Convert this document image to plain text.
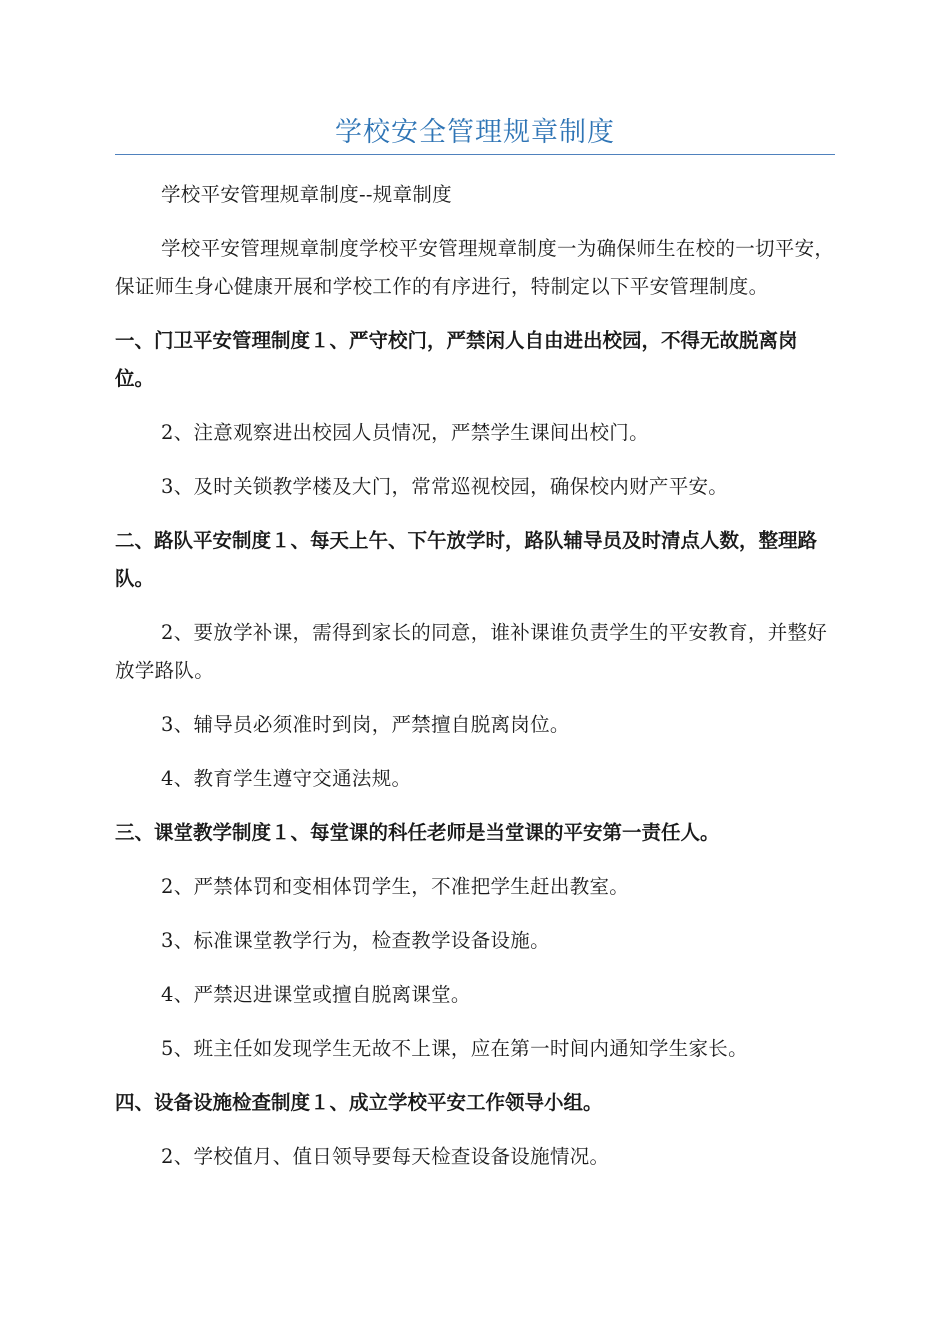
学校安全管理规章制度

学校平安管理规章制度--规章制度

学校平安管理规章制度学校平安管理规章制度一为确保师生在校的一切平安，保证师生身心健康开展和学校工作的有序进行，特制定以下平安管理制度。

一、门卫平安管理制度１、严守校门，严禁闲人自由进出校园，不得无故脱离岗位。

2、注意观察进出校园人员情况，严禁学生课间出校门。

3、及时关锁教学楼及大门，常常巡视校园，确保校内财产平安。

二、路队平安制度１、每天上午、下午放学时，路队辅导员及时清点人数，整理路队。

2、要放学补课，需得到家长的同意，谁补课谁负责学生的平安教育，并整好放学路队。

3、辅导员必须准时到岗，严禁擅自脱离岗位。

4、教育学生遵守交通法规。

三、课堂教学制度１、每堂课的科任老师是当堂课的平安第一责任人。

2、严禁体罚和变相体罚学生，不准把学生赶出教室。

3、标准课堂教学行为，检查教学设备设施。

4、严禁迟进课堂或擅自脱离课堂。

5、班主任如发现学生无故不上课，应在第一时间内通知学生家长。

四、设备设施检查制度１、成立学校平安工作领导小组。

2、学校值月、值日领导要每天检查设备设施情况。
